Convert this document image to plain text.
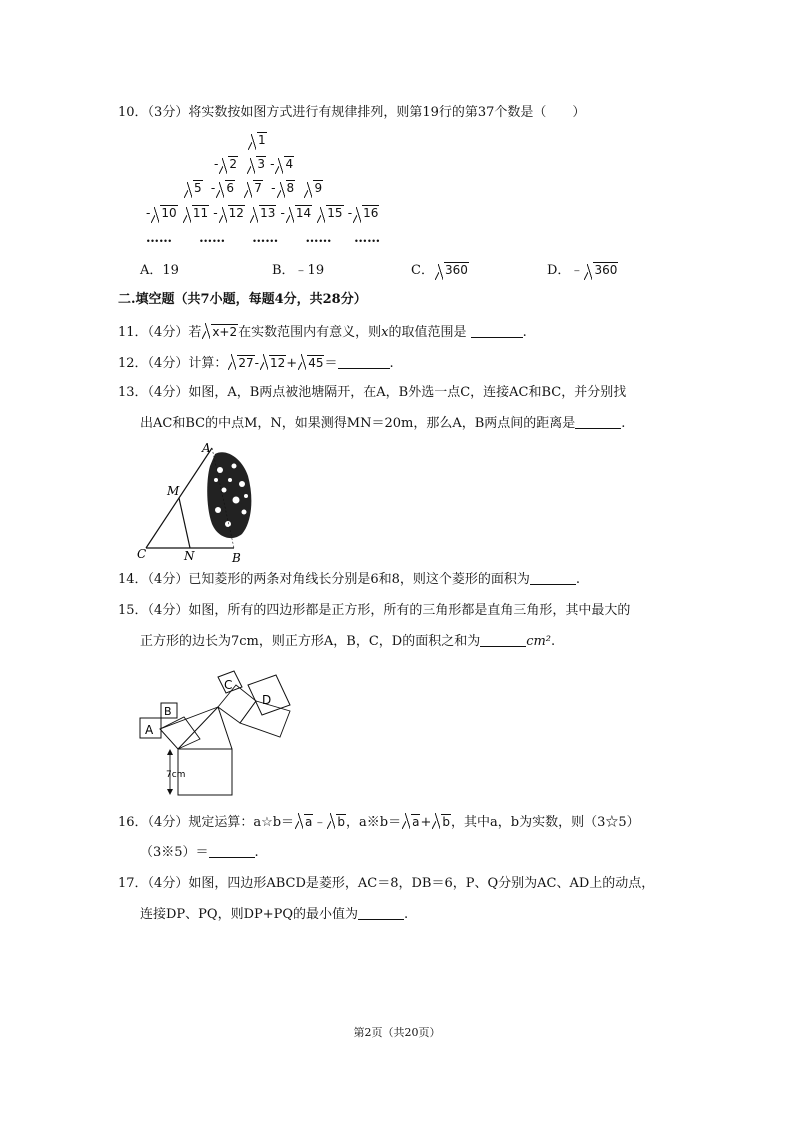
10．（3分）将实数按如图方式进行有规律排列，则第19行的第37个数是（　　）
1
- 2 3 - 4
5  - 6 7  - 8 9
- 10 11 - 12 13 - 14 15 - 16
……      ……      ……      ……     ……
A．19	B．﹣19	C． 360	D．﹣ 360
二.填空题（共7小题，每题4分，共28分）
11．（4分）若 x+2在实数范围内有意义，则x的取值范围是	.
12．（4分）计算： 27- 12+ 45＝	.
13．（4分）如图，A，B两点被池塘隔开，在A，B外选一点C，连接AC和BC，并分别找
出AC和BC的中点M，N，如果测得MN＝20m，那么A，B两点间的距离是	.
A
M
C	N	B
14．（4分）已知菱形的两条对角线长分别是6和8，则这个菱形的面积为	.
15．（4分）如图，所有的四边形都是正方形，所有的三角形都是直角三角形，其中最大的
正方形的边长为7cm，则正方形A，B，C，D的面积之和为	cm².
A
B
C
D
7cm
16．（4分）规定运算：a☆b＝ a﹣ b，a※b＝ a+ b，其中a，b为实数，则（3☆5）
（3※5）＝	.
17．（4分）如图，四边形ABCD是菱形，AC＝8，DB＝6，P、Q分别为AC、AD上的动点，
连接DP、PQ，则DP+PQ的最小值为	.
第2页（共20页）
